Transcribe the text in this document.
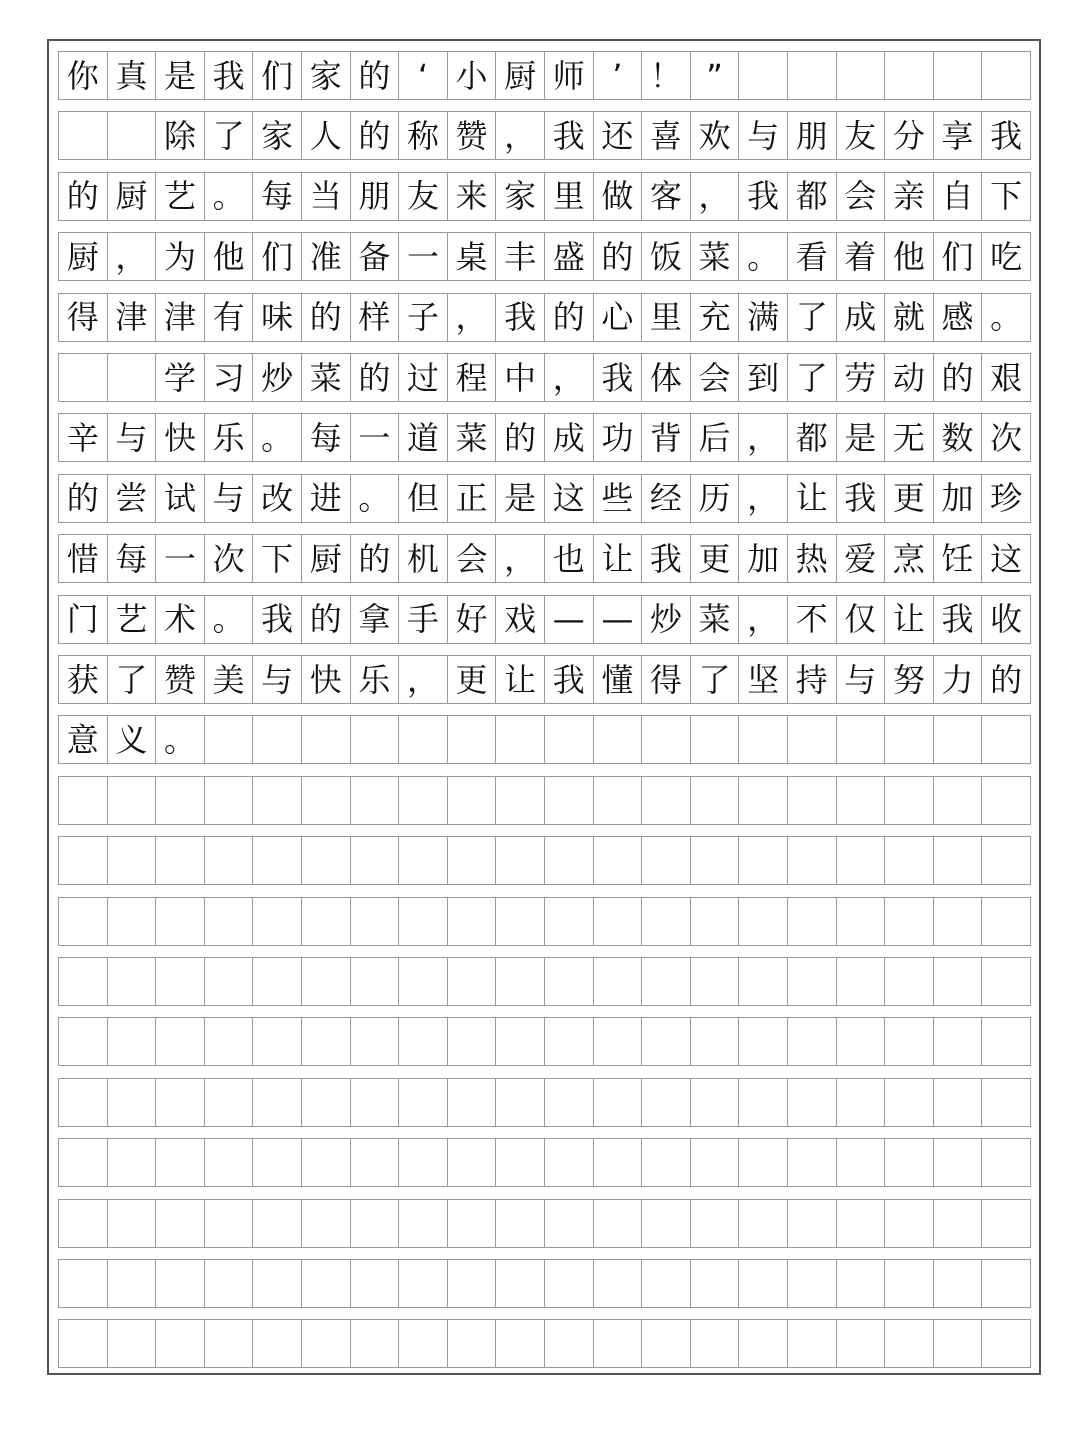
你 真 是 我 们 家 的 ‘ 小 厨 师 ’ ！ ”
除 了 家 人 的 称 赞 ， 我 还 喜 欢 与 朋 友 分 享 我
的 厨 艺 。 每 当 朋 友 来 家 里 做 客 ， 我 都 会 亲 自 下
厨 ， 为 他 们 准 备 一 桌 丰 盛 的 饭 菜 。 看 着 他 们 吃
得 津 津 有 味 的 样 子 ， 我 的 心 里 充 满 了 成 就 感 。
学 习 炒 菜 的 过 程 中 ， 我 体 会 到 了 劳 动 的 艰
辛 与 快 乐 。 每 一 道 菜 的 成 功 背 后 ， 都 是 无 数 次
的 尝 试 与 改 进 。 但 正 是 这 些 经 历 ， 让 我 更 加 珍
惜 每 一 次 下 厨 的 机 会 ， 也 让 我 更 加 热 爱 烹 饪 这
门 艺 术 。 我 的 拿 手 好 戏 — — 炒 菜 ， 不 仅 让 我 收
获 了 赞 美 与 快 乐 ， 更 让 我 懂 得 了 坚 持 与 努 力 的
意 义 。
